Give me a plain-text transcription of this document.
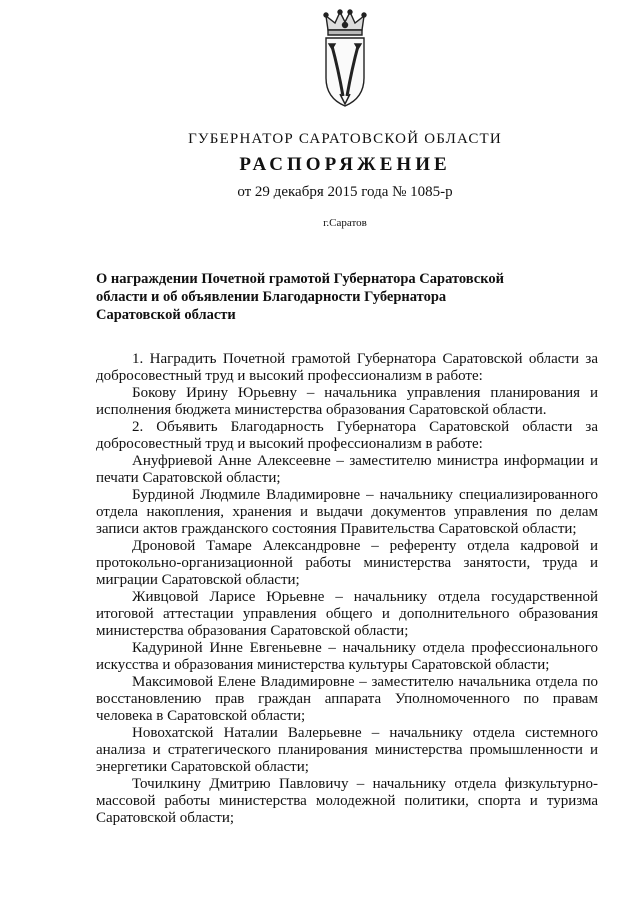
ГУБЕРНАТОР САРАТОВСКОЙ ОБЛАСТИ
РАСПОРЯЖЕНИЕ
от 29 декабря 2015 года № 1085-р
г.Саратов
О награждении Почетной грамотой Губернатора Саратовской области и об объявлении Благодарности Губернатора Саратовской области

1. Наградить Почетной грамотой Губернатора Саратовской области за добросовестный труд и высокий профессионализм в работе:

Бокову Ирину Юрьевну – начальника управления планирования и исполнения бюджета министерства образования Саратовской области.

2. Объявить Благодарность Губернатора Саратовской области за добросовестный труд и высокий профессионализм в работе:

Ануфриевой Анне Алексеевне – заместителю министра информации и печати Саратовской области;

Бурдиной Людмиле Владимировне – начальнику специализированного отдела накопления, хранения и выдачи документов управления по делам записи актов гражданского состояния Правительства Саратовской области;

Дроновой Тамаре Александровне – референту отдела кадровой и протокольно-организационной работы министерства занятости, труда и миграции Саратовской области;

Живцовой Ларисе Юрьевне – начальнику отдела государственной итоговой аттестации управления общего и дополнительного образования министерства образования Саратовской области;

Кадуриной Инне Евгеньевне – начальнику отдела профессионального искусства и образования министерства культуры Саратовской области;

Максимовой Елене Владимировне – заместителю начальника отдела по восстановлению прав граждан аппарата Уполномоченного по правам человека в Саратовской области;

Новохатской Наталии Валерьевне – начальнику отдела системного анализа и стратегического планирования министерства промышленности и энергетики Саратовской области;

Точилкину Дмитрию Павловичу – начальнику отдела физкультурно-массовой работы министерства молодежной политики, спорта и туризма Саратовской области;
